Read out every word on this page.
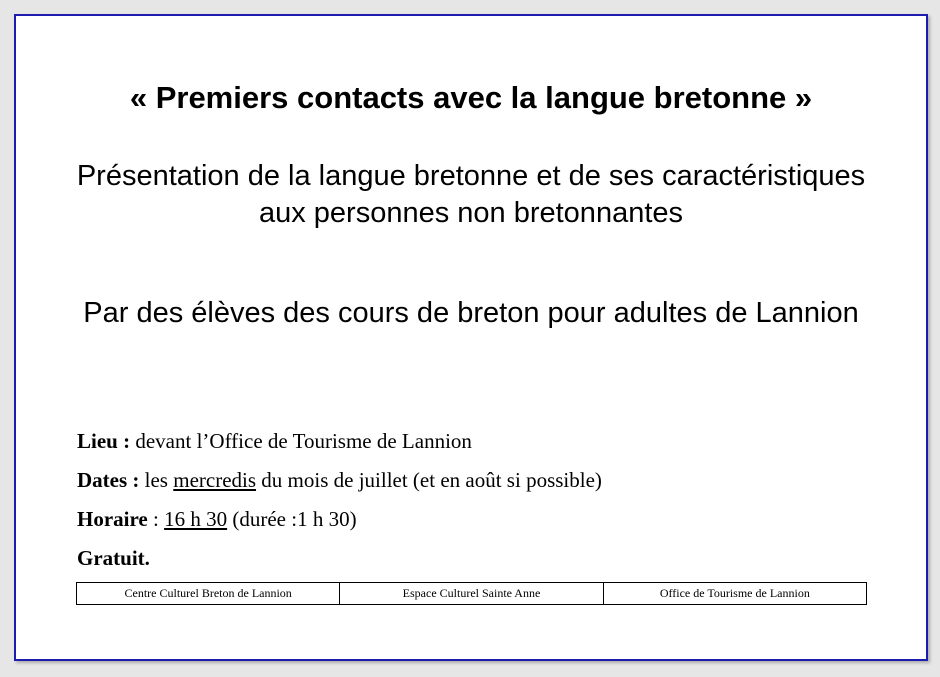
« Premiers contacts avec la langue bretonne »
Présentation de la langue bretonne et de ses caractéristiques aux personnes non bretonnantes
Par des élèves des cours de breton pour adultes de Lannion
Lieu : devant l’Office de Tourisme de Lannion
Dates : les mercredis du mois de juillet (et en août si possible)
Horaire : 16 h 30 (durée :1 h 30)
Gratuit.
Centre Culturel Breton de Lannion	Espace Culturel Sainte Anne	Office de Tourisme de Lannion
